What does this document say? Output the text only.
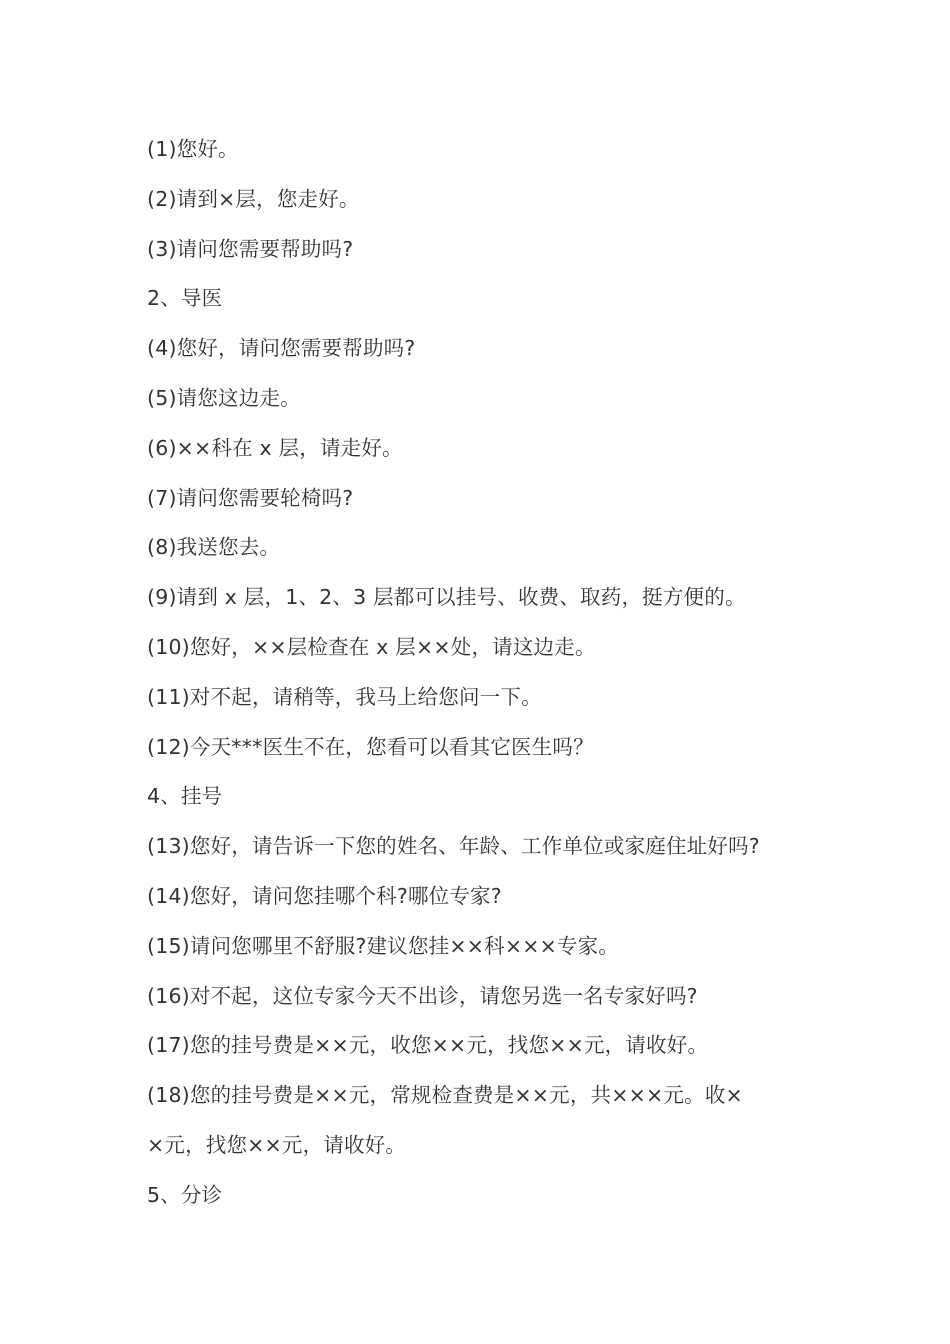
(1)您好。
(2)请到×层，您走好。
(3)请问您需要帮助吗?
2、导医
(4)您好，请问您需要帮助吗?
(5)请您这边走。
(6)××科在 x 层，请走好。
(7)请问您需要轮椅吗?
(8)我送您去。
(9)请到 x 层，1、2、3 层都可以挂号、收费、取药，挺方便的。
(10)您好，××层检查在 x 层××处，请这边走。
(11)对不起，请稍等，我马上给您问一下。
(12)今天***医生不在，您看可以看其它医生吗？
4、挂号
(13)您好，请告诉一下您的姓名、年龄、工作单位或家庭住址好吗?
(14)您好，请问您挂哪个科?哪位专家?
(15)请问您哪里不舒服?建议您挂××科×××专家。
(16)对不起，这位专家今天不出诊，请您另选一名专家好吗?
(17)您的挂号费是××元，收您××元，找您××元，请收好。
(18)您的挂号费是××元，常规检查费是××元，共×××元。收×
×元，找您××元，请收好。
5、分诊
